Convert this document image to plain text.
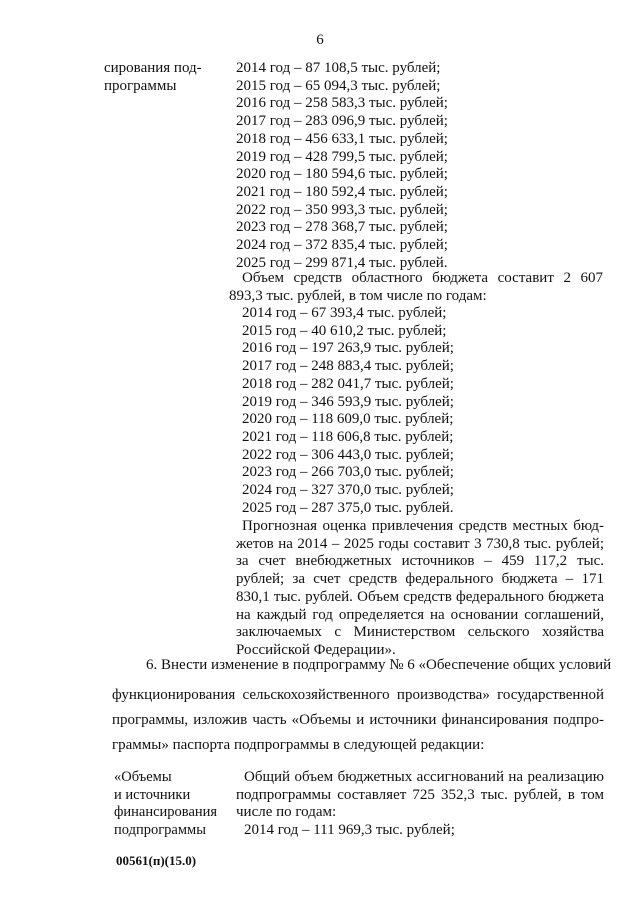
6
сирования под-
программы
2014 год – 87 108,5 тыс. рублей;
2015 год – 65 094,3 тыс. рублей;
2016 год – 258 583,3 тыс. рублей;
2017 год – 283 096,9 тыс. рублей;
2018 год – 456 633,1 тыс. рублей;
2019 год – 428 799,5 тыс. рублей;
2020 год – 180 594,6 тыс. рублей;
2021 год – 180 592,4 тыс. рублей;
2022 год – 350 993,3 тыс. рублей;
2023 год – 278 368,7 тыс. рублей;
2024 год – 372 835,4 тыс. рублей;
2025 год – 299 871,4 тыс. рублей.
Объем средств областного бюджета составит 2 607
893,3 тыс. рублей, в том числе по годам:
2014 год – 67 393,4 тыс. рублей;
2015 год – 40 610,2 тыс. рублей;
2016 год – 197 263,9 тыс. рублей;
2017 год – 248 883,4 тыс. рублей;
2018 год – 282 041,7 тыс. рублей;
2019 год – 346 593,9 тыс. рублей;
2020 год – 118 609,0 тыс. рублей;
2021 год – 118 606,8 тыс. рублей;
2022 год – 306 443,0 тыс. рублей;
2023 год – 266 703,0 тыс. рублей;
2024 год – 327 370,0 тыс. рублей;
2025 год – 287 375,0 тыс. рублей.
Прогнозная оценка привлечения средств местных бюд-
жетов на 2014 – 2025 годы составит 3 730,8 тыс. рублей;
за счет внебюджетных источников – 459 117,2 тыс.
рублей; за счет средств федерального бюджета – 171
830,1 тыс. рублей. Объем средств федерального бюджета
на каждый год определяется на основании соглашений,
заключаемых с Министерством сельского хозяйства
Российской Федерации».
6. Внести изменение в подпрограмму № 6 «Обеспечение общих условий
функционирования сельскохозяйственного производства» государственной
программы, изложив часть «Объемы и источники финансирования подпро-
граммы» паспорта подпрограммы в следующей редакции:
«Объемы
и источники
финансирования
подпрограммы
Общий объем бюджетных ассигнований на реализацию
подпрограммы составляет 725 352,3 тыс. рублей, в том
числе по годам:
2014 год – 111 969,3 тыс. рублей;
00561(п)(15.0)
